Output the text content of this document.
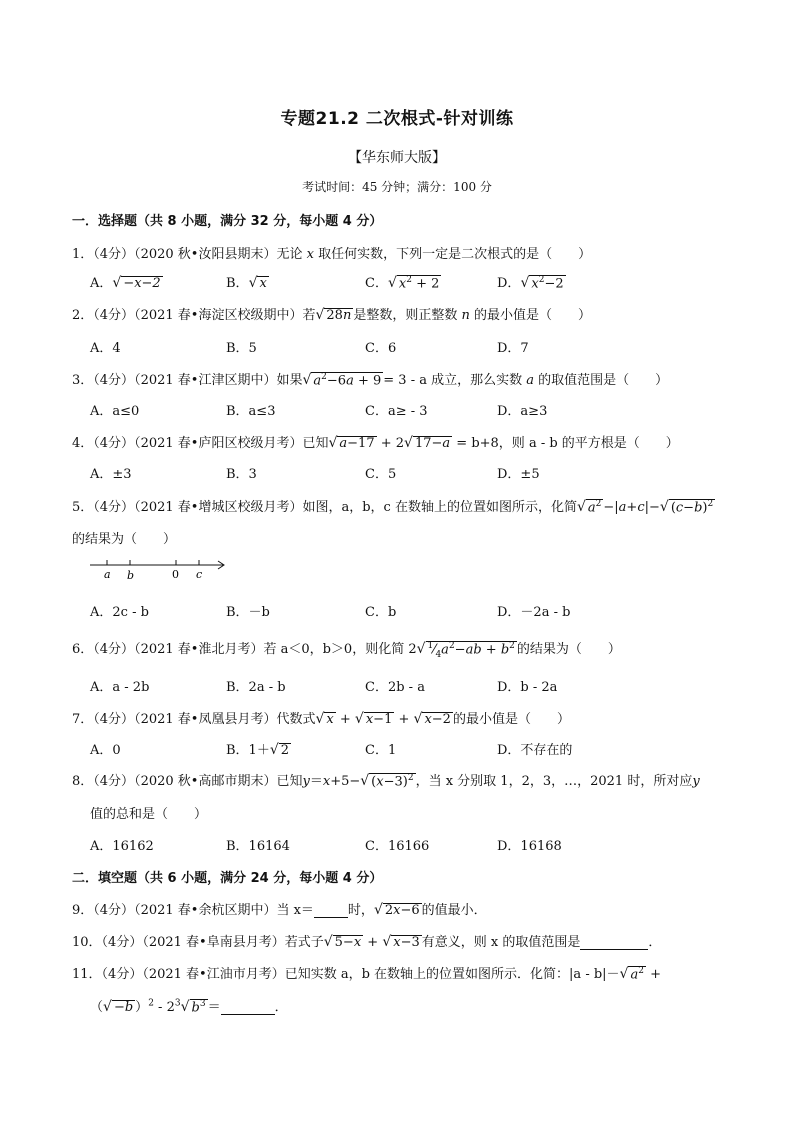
专题21.2 二次根式-针对训练
【华东师大版】
考试时间：45 分钟；满分：100 分
一．选择题（共 8 小题，满分 32 分，每小题 4 分）
1．（4分）（2020 秋•汝阳县期末）无论 x 取任何实数，下列一定是二次根式的是（　　）
A．√ −x−2	B．√ x	C．√ $x^2 + 2$	D．√ $x^2-2$
2．（4分）（2021 春•海淀区校级期中）若√ 28n 是整数，则正整数 n 的最小值是（　　）
A．4	B．5	C．6	D．7
3．（4分）（2021 春•江津区期中）如果√ $a^2-6a + 9 = 3 - a$ 成立，那么实数 a 的取值范围是（　　）
A．a≤0	B．a≤3	C．a≥ - 3	D．a≥3
4．（4分）（2021 春•庐阳区校级月考）已知√ a−17 + 2√ 17−a = b+8，则 a - b 的平方根是（　　）
A．±3	B．3	C．5	D．±5
5．（4分）（2021 春•增城区校级月考）如图，a，b，c 在数轴上的位置如图所示，化简√ $a^2 -|a+c|-√$ $(c-b)^2$
的结果为（　　）
a b	0 c
A．2c - b	B．－b	C．b	D．－2a - b
6．（4分）（2021 春•淮北月考）若 a＜0，b＞0，则化简 2√ $^1⁄_4a^2-ab + b^2$ 的结果为（　　）
A．a - 2b	B．2a - b	C．2b - a	D．b - 2a
7．（4分）（2021 春•凤凰县月考）代数式√ x + √ x−1 + √ x−2 的最小值是（　　）
A．0	B．1＋√ 2	C．1	D．不存在的
8．（4分）（2020 秋•高邮市期末）已知y＝x+5−√ $(x-3)^2$ ，当 x 分别取 1，2，3，…，2021 时，所对应y
值的总和是（　　）
A．16162	B．16164	C．16166	D．16168
二．填空题（共 6 小题，满分 24 分，每小题 4 分）
9．（4分）（2021 春•余杭区期中）当 x＝	时，√ 2x−6 的值最小．
10．（4分）（2021 春•阜南县月考）若式子√ 5−x + √ x−3 有意义，则 x 的取值范围是	．
11．（4分）（2021 春•江油市月考）已知实数 a，b 在数轴上的位置如图所示．化简：|a - b|－√ $a^2$ +
（√ −b ）$^2 - 2^3√$ $b^3$ ＝	．
